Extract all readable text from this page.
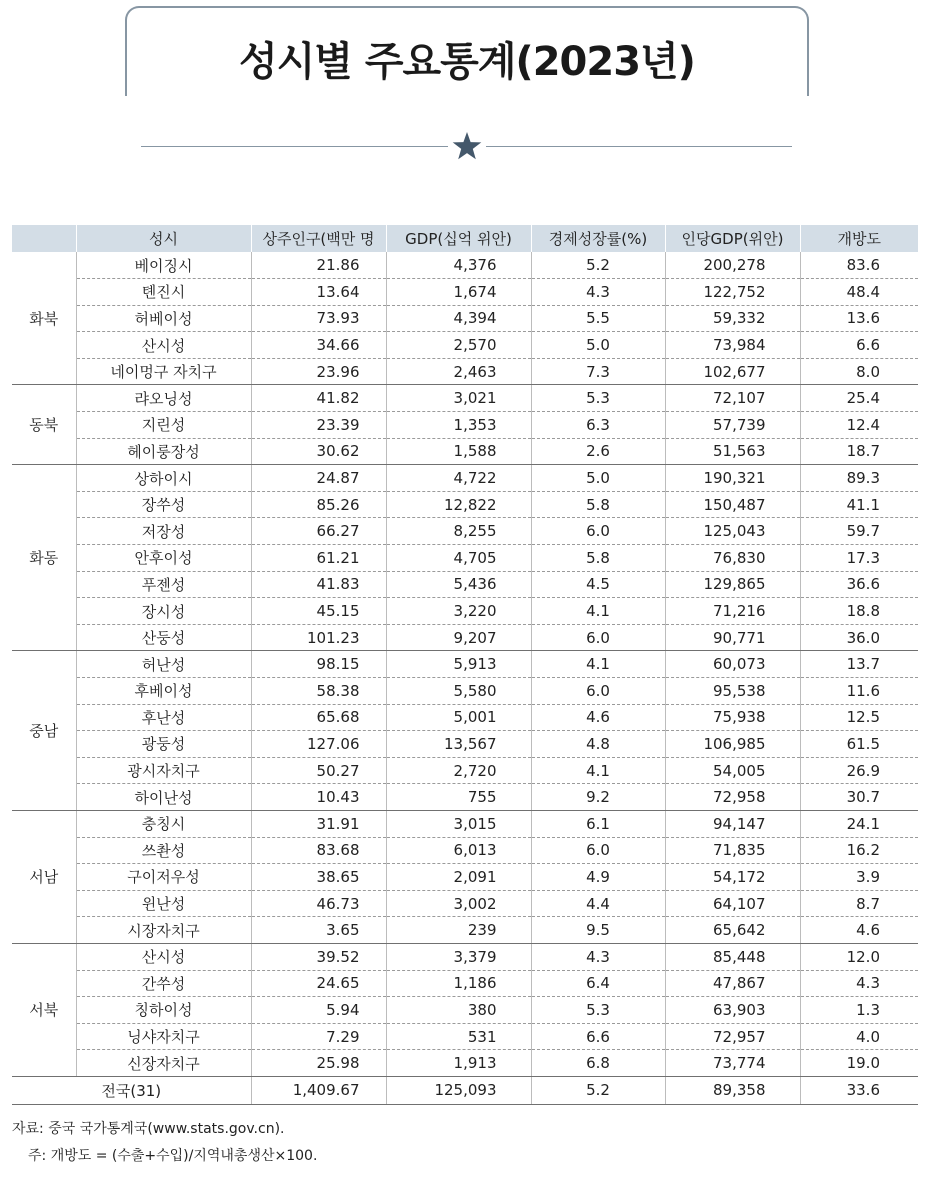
성시별 주요통계(2023년)
	성시	상주인구(백만 명	GDP(십억 위안)	경제성장률(%)	인당GDP(위안)	개방도
화북	베이징시	21.86	4,376	5.2	200,278	83.6
	톈진시	13.64	1,674	4.3	122,752	48.4
	허베이성	73.93	4,394	5.5	59,332	13.6
	산시성	34.66	2,570	5.0	73,984	6.6
	네이멍구 자치구	23.96	2,463	7.3	102,677	8.0
동북	랴오닝성	41.82	3,021	5.3	72,107	25.4
	지린성	23.39	1,353	6.3	57,739	12.4
	헤이룽장성	30.62	1,588	2.6	51,563	18.7
화동	상하이시	24.87	4,722	5.0	190,321	89.3
	장쑤성	85.26	12,822	5.8	150,487	41.1
	저장성	66.27	8,255	6.0	125,043	59.7
	안후이성	61.21	4,705	5.8	76,830	17.3
	푸젠성	41.83	5,436	4.5	129,865	36.6
	장시성	45.15	3,220	4.1	71,216	18.8
	산둥성	101.23	9,207	6.0	90,771	36.0
중남	허난성	98.15	5,913	4.1	60,073	13.7
	후베이성	58.38	5,580	6.0	95,538	11.6
	후난성	65.68	5,001	4.6	75,938	12.5
	광둥성	127.06	13,567	4.8	106,985	61.5
	광시자치구	50.27	2,720	4.1	54,005	26.9
	하이난성	10.43	755	9.2	72,958	30.7
서남	충칭시	31.91	3,015	6.1	94,147	24.1
	쓰촨성	83.68	6,013	6.0	71,835	16.2
	구이저우성	38.65	2,091	4.9	54,172	3.9
	윈난성	46.73	3,002	4.4	64,107	8.7
	시장자치구	3.65	239	9.5	65,642	4.6
서북	산시성	39.52	3,379	4.3	85,448	12.0
	간쑤성	24.65	1,186	6.4	47,867	4.3
	칭하이성	5.94	380	5.3	63,903	1.3
	닝샤자치구	7.29	531	6.6	72,957	4.0
	신장자치구	25.98	1,913	6.8	73,774	19.0
전국(31)		1,409.67	125,093	5.2	89,358	33.6

자료: 중국 국가통계국(www.stats.gov.cn).

주: 개방도 = (수출+수입)/지역내총생산×100.
